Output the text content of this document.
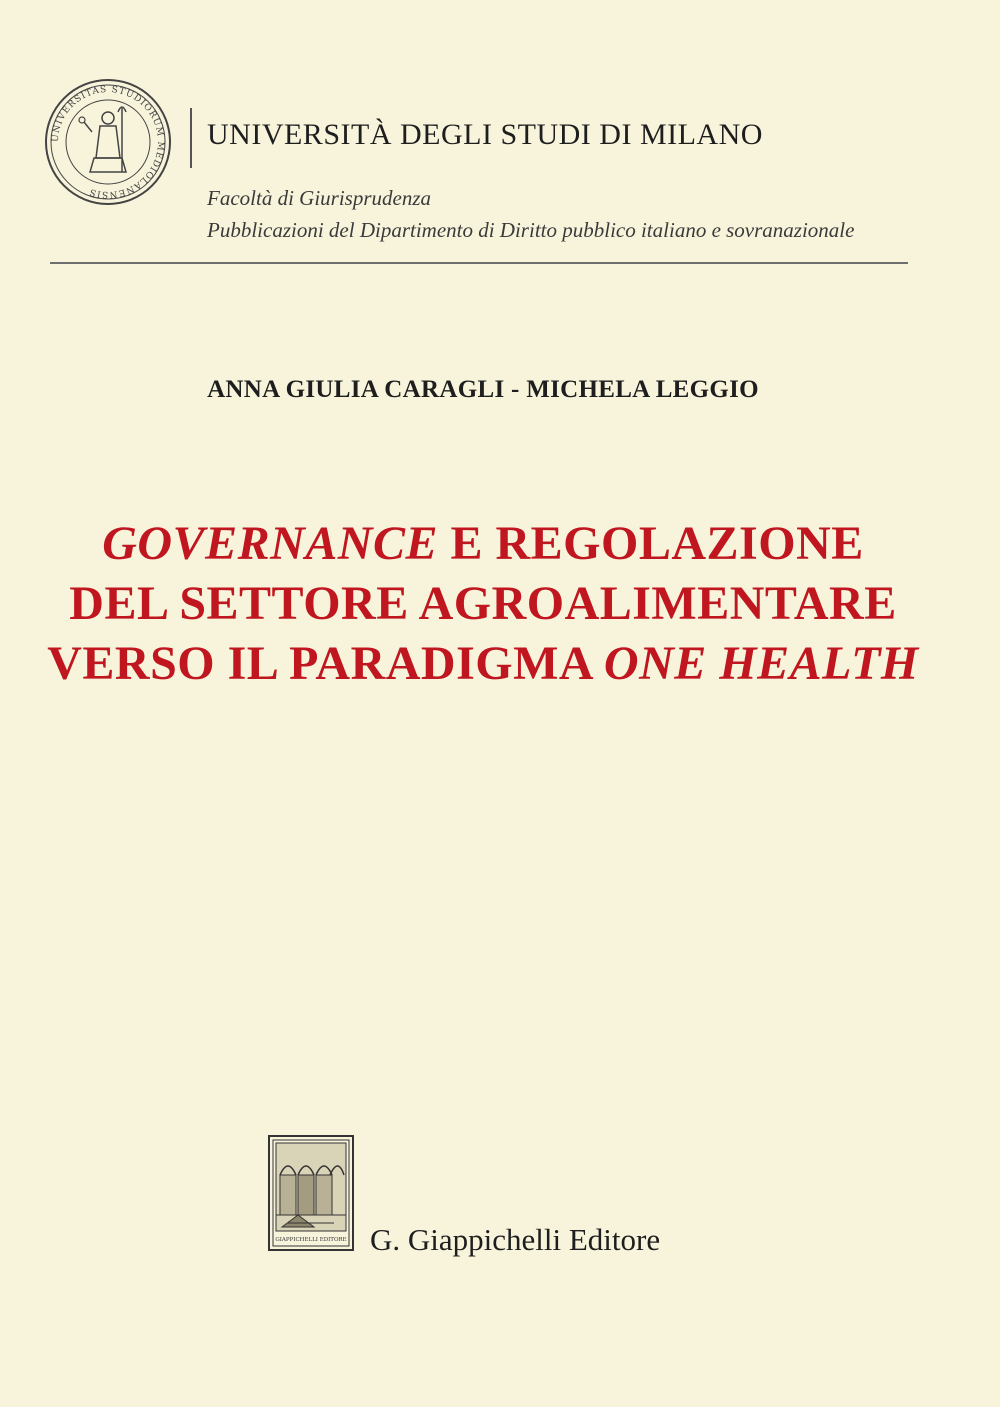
UNIVERSITAS STUDIORUM MEDIOLANENSIS
UNIVERSITÀ DEGLI STUDI DI MILANO
Facoltà di Giurisprudenza
Pubblicazioni del Dipartimento di Diritto pubblico italiano e sovranazionale
ANNA GIULIA CARAGLI - MICHELA LEGGIO
GOVERNANCE E REGOLAZIONE
DEL SETTORE AGROALIMENTARE
VERSO IL PARADIGMA ONE HEALTH
GIAPPICHELLI EDITORE G. Giappichelli Editore
